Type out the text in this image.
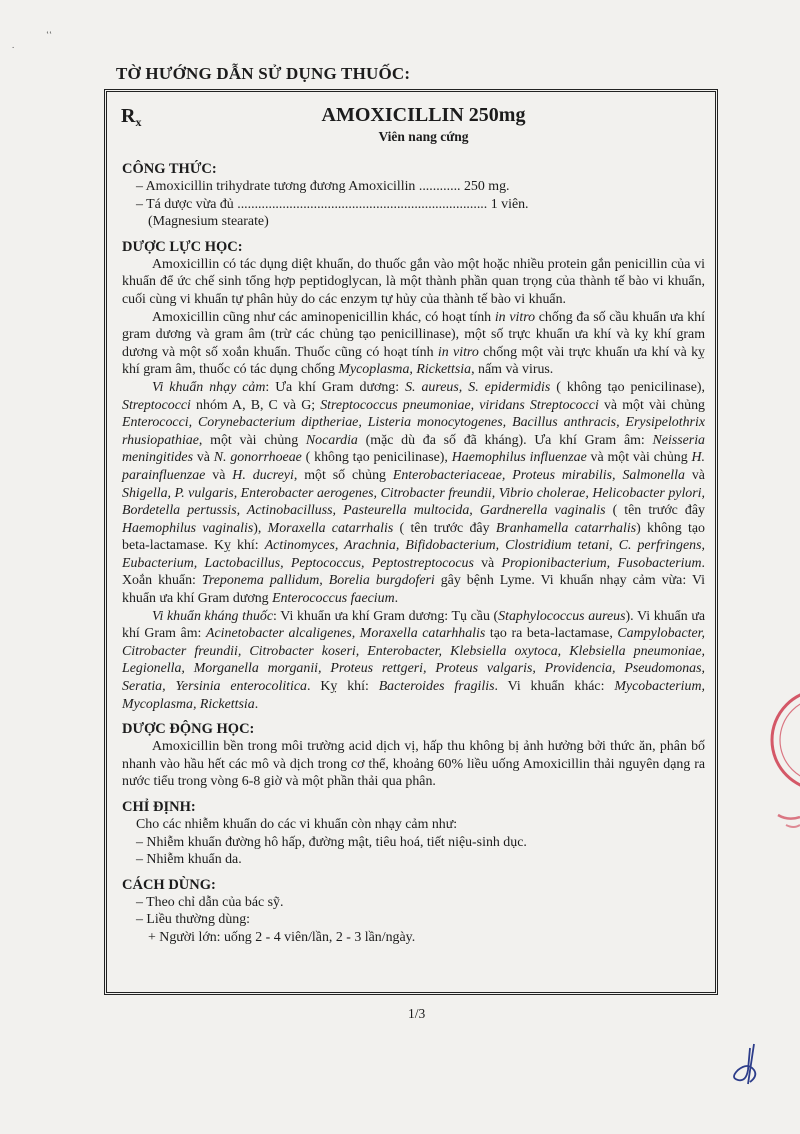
.
‛‛
TỜ HƯỚNG DẪN SỬ DỤNG THUỐC:
$R_x$	AMOXICILLIN 250mg
Viên nang cứng
CÔNG THỨC:

– Amoxicillin trihydrate tương đương Amoxicillin ............ 250 mg.

– Tá dược vừa đủ ........................................................................ 1 viên.

(Magnesium stearate)

DƯỢC LỰC HỌC:

Amoxicillin có tác dụng diệt khuẩn, do thuốc gắn vào một hoặc nhiều protein gắn penicillin của vi khuẩn để ức chế sinh tổng hợp peptidoglycan, là một thành phần quan trọng của thành tế bào vi khuẩn, cuối cùng vi khuẩn tự phân hủy do các enzym tự hủy của thành tế bào vi khuẩn.

Amoxicillin cũng như các aminopenicillin khác, có hoạt tính in vitro chống đa số cầu khuẩn ưa khí gram dương và gram âm (trừ các chủng tạo penicillinase), một số trực khuẩn ưa khí và kỵ khí gram dương và một số xoắn khuẩn. Thuốc cũng có hoạt tính in vitro chống một vài trực khuẩn ưa khí và kỵ khí gram âm, thuốc có tác dụng chống Mycoplasma, Rickettsia, nấm và virus.

Vi khuẩn nhạy cảm: Ưa khí Gram dương: S. aureus, S. epidermidis ( không tạo penicilinase), Streptococci nhóm A, B, C và G; Streptococcus pneumoniae, viridans Streptococci và một vài chủng Enterococci, Corynebacterium diptheriae, Listeria monocytogenes, Bacillus anthracis, Erysipelothrix rhusiopathiae, một vài chủng Nocardia (mặc dù đa số đã kháng). Ưa khí Gram âm: Neisseria meningitides và N. gonorrhoeae ( không tạo penicilinase), Haemophilus influenzae và một vài chủng H. parainfluenzae và H. ducreyi, một số chủng Enterobacteriaceae, Proteus mirabilis, Salmonella và Shigella, P. vulgaris, Enterobacter aerogenes, Citrobacter freundii, Vibrio cholerae, Helicobacter pylori, Bordetella pertussis, Actinobacilluss, Pasteurella multocida, Gardnerella vaginalis ( tên trước đây Haemophilus vaginalis), Moraxella catarrhalis ( tên trước đây Branhamella catarrhalis) không tạo beta-lactamase. Kỵ khí: Actinomyces, Arachnia, Bifidobacterium, Clostridium tetani, C. perfringens, Eubacterium, Lactobacillus, Peptococcus, Peptostreptococus và Propionibacterium, Fusobacterium. Xoắn khuẩn: Treponema pallidum, Borelia burgdoferi gây bệnh Lyme. Vi khuẩn nhạy cảm vừa: Vi khuẩn ưa khí Gram dương Enterococcus faecium.

Vi khuẩn kháng thuốc: Vi khuẩn ưa khí Gram dương: Tụ cầu (Staphylococcus aureus). Vi khuẩn ưa khí Gram âm: Acinetobacter alcaligenes, Moraxella catarhhalis tạo ra beta-lactamase, Campylobacter, Citrobacter freundii, Citrobacter koseri, Enterobacter, Klebsiella oxytoca, Klebsiella pneumoniae, Legionella, Morganella morganii, Proteus rettgeri, Proteus valgaris, Providencia, Pseudomonas, Seratia, Yersinia enterocolitica. Kỵ khí: Bacteroides fragilis. Vi khuẩn khác: Mycobacterium, Mycoplasma, Rickettsia.

DƯỢC ĐỘNG HỌC:

Amoxicillin bền trong môi trường acid dịch vị, hấp thu không bị ảnh hưởng bởi thức ăn, phân bố nhanh vào hầu hết các mô và dịch trong cơ thể, khoảng 60% liều uống Amoxicillin thải nguyên dạng ra nước tiểu trong vòng 6-8 giờ và một phần thải qua phân.

CHỈ ĐỊNH:

Cho các nhiễm khuẩn do các vi khuẩn còn nhạy cảm như:

– Nhiễm khuẩn đường hô hấp, đường mật, tiêu hoá, tiết niệu-sinh dục.

– Nhiễm khuẩn da.

CÁCH DÙNG:

– Theo chỉ dẫn của bác sỹ.

– Liều thường dùng:

+ Người lớn: uống 2 - 4 viên/lần, 2 - 3 lần/ngày.

1/3
